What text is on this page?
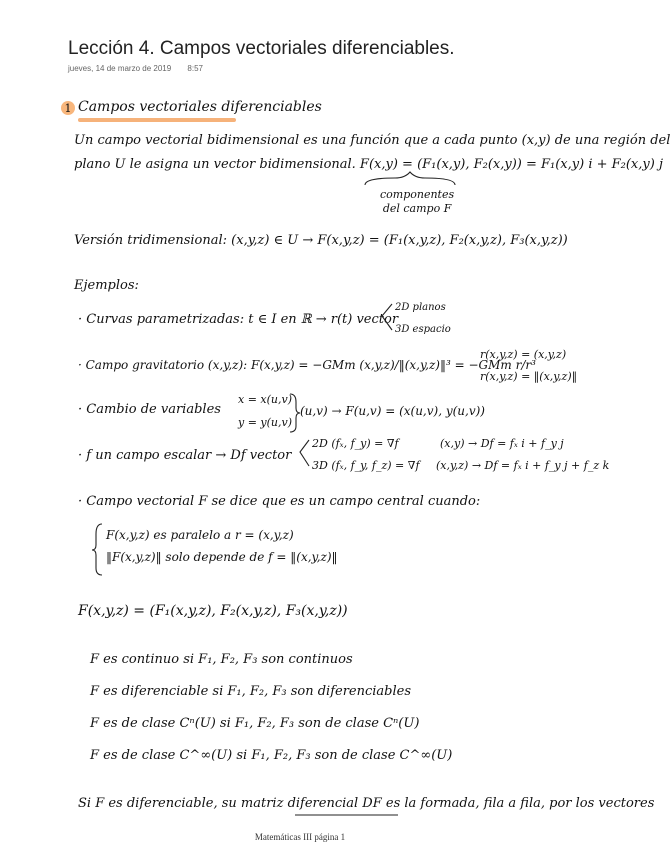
Lección 4. Campos vectoriales diferenciables.
jueves, 14 de marzo de 2019 8:57
1 Campos vectoriales diferenciables
Un campo vectorial bidimensional es una función que a cada punto (x,y) de una región del
plano U le asigna un vector bidimensional. F(x,y) = (F₁(x,y), F₂(x,y)) = F₁(x,y) i + F₂(x,y) j
componentes
del campo F
Versión tridimensional: (x,y,z) ∈ U → F(x,y,z) = (F₁(x,y,z), F₂(x,y,z), F₃(x,y,z))
Ejemplos:
· Curvas parametrizadas: t ∈ I en ℝ → r(t) vector
2D planos
3D espacio
· Campo gravitatorio (x,y,z): F(x,y,z) = −GMm (x,y,z)/‖(x,y,z)‖³ = −GMm r/r³
r(x,y,z) = (x,y,z)
r(x,y,z) = ‖(x,y,z)‖
· Cambio de variables
x = x(u,v)
y = y(u,v)
(u,v) → F(u,v) = (x(u,v), y(u,v))
· f un campo escalar → Df vector
2D (fₓ, f_y) = ∇f
3D (fₓ, f_y, f_z) = ∇f
(x,y) → Df = fₓ i + f_y j
(x,y,z) → Df = fₓ i + f_y j + f_z k
· Campo vectorial F se dice que es un campo central cuando:
F(x,y,z) es paralelo a r = (x,y,z)
‖F(x,y,z)‖ solo depende de f = ‖(x,y,z)‖
F(x,y,z) = (F₁(x,y,z), F₂(x,y,z), F₃(x,y,z))
F es continuo si F₁, F₂, F₃ son continuos
F es diferenciable si F₁, F₂, F₃ son diferenciables
F es de clase Cⁿ(U) si F₁, F₂, F₃ son de clase Cⁿ(U)
F es de clase C^∞(U) si F₁, F₂, F₃ son de clase C^∞(U)
Si F es diferenciable, su matriz diferencial DF es la formada, fila a fila, por los vectores
Matemáticas III página 1
